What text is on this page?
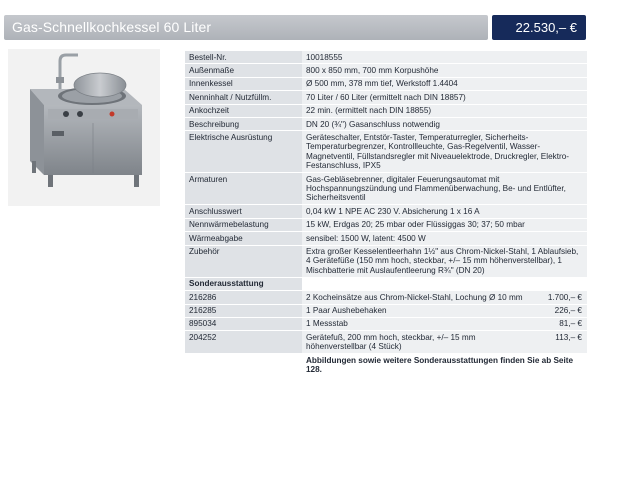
Gas-Schnellkochkessel 60 Liter	22.530,– €
Bestell-Nr.	10018555	
Außenmaße	800 x 850 mm, 700 mm Korpushöhe	
Innenkessel	Ø 500 mm, 378 mm tief, Werkstoff 1.4404	
Nenninhalt / Nutzfüllm.	70 Liter / 60 Liter (ermittelt nach DIN 18857)	
Ankochzeit	22 min. (ermittelt nach DIN 18855)	
Beschreibung	DN 20 (¾") Gasanschluss notwendig	
Elektrische Ausrüstung	Geräteschalter, Entstör-Taster, Temperaturregler, Sicherheits-Temperaturbegrenzer, Kontrollleuchte, Gas-Regelventil, Wasser-Magnetventil, Füllstandsregler mit Niveauelektrode, Druckregler, Elektro-Festanschluss, IPX5	
Armaturen	Gas-Gebläsebrenner, digitaler Feuerungsautomat mit Hochspannungszündung und Flammenüberwachung, Be- und Entlüfter, Sicherheitsventil	
Anschlusswert	0,04 kW 1 NPE AC 230 V. Absicherung 1 x 16 A	
Nennwärmebelastung	15 kW, Erdgas 20; 25 mbar oder Flüssiggas 30; 37; 50 mbar	
Wärmeabgabe	sensibel: 1500 W, latent: 4500 W	
Zubehör	Extra großer Kesselentleerhahn 1½" aus Chrom-Nickel-Stahl, 1 Ablaufsieb, 4 Gerätefüße (150 mm hoch, steckbar, +/– 15 mm höhenverstellbar), 1 Mischbatterie mit Auslaufentleerung R¾" (DN 20)	
Sonderausstattung		
216286	2 Kocheinsätze aus Chrom-Nickel-Stahl, Lochung Ø 10 mm	1.700,– €
216285	1 Paar Aushebehaken	226,– €
895034	1 Messstab	81,– €
204252	Gerätefuß, 200 mm hoch, steckbar, +/– 15 mm höhenverstellbar (4 Stück)	113,– €
	Abbildungen sowie weitere Sonderausstattungen finden Sie ab Seite 128.	
